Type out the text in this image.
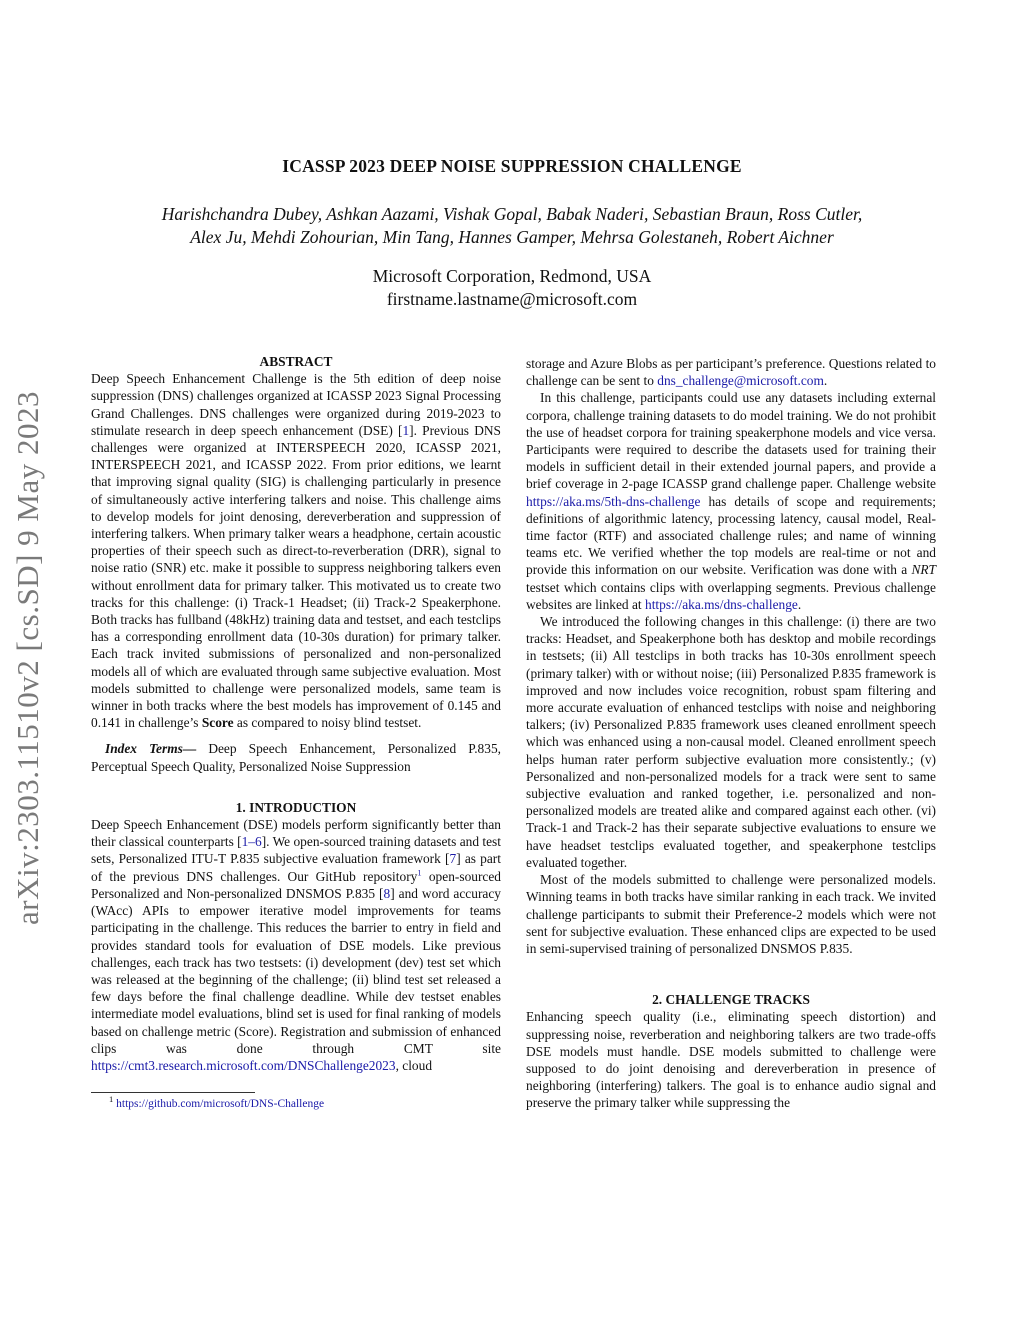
arXiv:2303.11510v2 [cs.SD] 9 May 2023
ICASSP 2023 DEEP NOISE SUPPRESSION CHALLENGE
Harishchandra Dubey, Ashkan Aazami, Vishak Gopal, Babak Naderi, Sebastian Braun, Ross Cutler,
Alex Ju, Mehdi Zohourian, Min Tang, Hannes Gamper, Mehrsa Golestaneh, Robert Aichner
Microsoft Corporation, Redmond, USA
firstname.lastname@microsoft.com

ABSTRACT

Deep Speech Enhancement Challenge is the 5th edition of deep noise suppression (DNS) challenges organized at ICASSP 2023 Signal Processing Grand Challenges. DNS challenges were organized during 2019-2023 to stimulate research in deep speech enhancement (DSE) [1]. Previous DNS challenges were organized at INTERSPEECH 2020, ICASSP 2021, INTERSPEECH 2021, and ICASSP 2022. From prior editions, we learnt that improving signal quality (SIG) is challenging particularly in presence of simultaneously active interfering talkers and noise. This challenge aims to develop models for joint denosing, dereverberation and suppression of interfering talkers. When primary talker wears a headphone, certain acoustic properties of their speech such as direct-to-reverberation (DRR), signal to noise ratio (SNR) etc. make it possible to suppress neighboring talkers even without enrollment data for primary talker. This motivated us to create two tracks for this challenge: (i) Track-1 Headset; (ii) Track-2 Speakerphone. Both tracks has fullband (48kHz) training data and testset, and each testclips has a corresponding enrollment data (10-30s duration) for primary talker. Each track invited submissions of personalized and non-personalized models all of which are evaluated through same subjective evaluation. Most models submitted to challenge were personalized models, same team is winner in both tracks where the best models has improvement of 0.145 and 0.141 in challenge’s Score as compared to noisy blind testset.

Index Terms— Deep Speech Enhancement, Personalized P.835, Perceptual Speech Quality, Personalized Noise Suppression

1. INTRODUCTION

Deep Speech Enhancement (DSE) models perform significantly better than their classical counterparts [1–6]. We open-sourced training datasets and test sets, Personalized ITU-T P.835 subjective evaluation framework [7] as part of the previous DNS challenges. Our GitHub repository$^1$ open-sourced Personalized and Non-personalized DNSMOS P.835 [8] and word accuracy (WAcc) APIs to empower iterative model improvements for teams participating in the challenge. This reduces the barrier to entry in field and provides standard tools for evaluation of DSE models. Like previous challenges, each track has two testsets: (i) development (dev) test set which was released at the beginning of the challenge; (ii) blind test set released a few days before the final challenge deadline. While dev testset enables intermediate model evaluations, blind set is used for final ranking of models based on challenge metric (Score). Registration and submission of enhanced clips was done through CMT site https://cmt3.research.microsoft.com/DNSChallenge2023, cloud

$^1$ https://github.com/microsoft/DNS-Challenge

storage and Azure Blobs as per participant’s preference. Questions related to challenge can be sent to dns_challenge@microsoft.com.

In this challenge, participants could use any datasets including external corpora, challenge training datasets to do model training. We do not prohibit the use of headset corpora for training speakerphone models and vice versa. Participants were required to describe the datasets used for training their models in sufficient detail in their extended journal papers, and provide a brief coverage in 2-page ICASSP grand challenge paper. Challenge website https://aka.ms/5th-dns-challenge has details of scope and requirements; definitions of algorithmic latency, processing latency, causal model, Real-time factor (RTF) and associated challenge rules; and name of winning teams etc. We verified whether the top models are real-time or not and provide this information on our website. Verification was done with a NRT testset which contains clips with overlapping segments. Previous challenge websites are linked at https://aka.ms/dns-challenge.

We introduced the following changes in this challenge: (i) there are two tracks: Headset, and Speakerphone both has desktop and mobile recordings in testsets; (ii) All testclips in both tracks has 10-30s enrollment speech (primary talker) with or without noise; (iii) Personalized P.835 framework is improved and now includes voice recognition, robust spam filtering and more accurate evaluation of enhanced testclips with noise and neighboring talkers; (iv) Personalized P.835 framework uses cleaned enrollment speech which was enhanced using a non-causal model. Cleaned enrollment speech helps human rater perform subjective evaluation more consistently.; (v) Personalized and non-personalized models for a track were sent to same subjective evaluation and ranked together, i.e. personalized and non-personalized models are treated alike and compared against each other. (vi) Track-1 and Track-2 has their separate subjective evaluations to ensure we have headset testclips evaluated together, and speakerphone testclips evaluated together.

Most of the models submitted to challenge were personalized models. Winning teams in both tracks have similar ranking in each track. We invited challenge participants to submit their Preference-2 models which were not sent for subjective evaluation. These enhanced clips are expected to be used in semi-supervised training of personalized DNSMOS P.835.

2. CHALLENGE TRACKS

Enhancing speech quality (i.e., eliminating speech distortion) and suppressing noise, reverberation and neighboring talkers are two trade-offs DSE models must handle. DSE models submitted to challenge were supposed to do joint denoising and dereverberation in presence of neighboring (interfering) talkers. The goal is to enhance audio signal and preserve the primary talker while suppressing the
